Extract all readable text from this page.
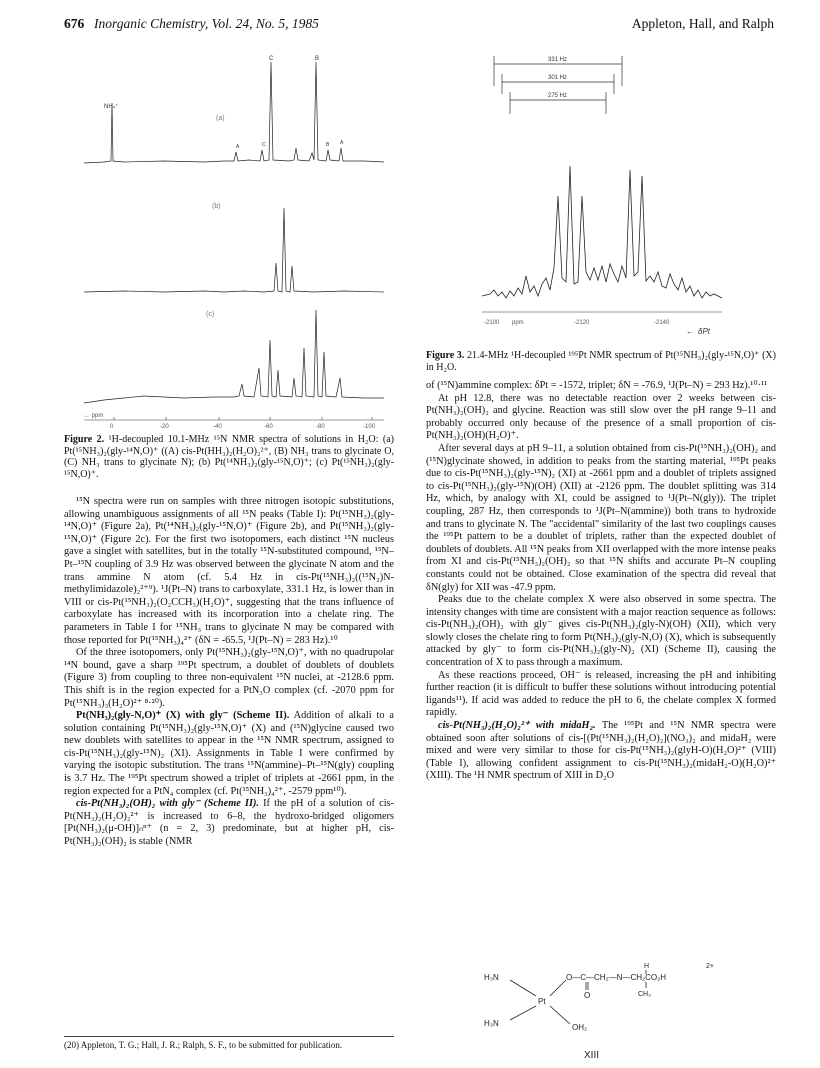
676 Inorganic Chemistry, Vol. 24, No. 5, 1985	Appleton, Hall, and Ralph
(a)
NH₄⁺
C	B
A	C	B A
(b)
(c)
← ppm
0	-20	-40	-60	-80	-100
Figure 2. ¹H-decoupled 10.1-MHz ¹⁵N NMR spectra of solutions in H₂O: (a) Pt(¹⁵NH₃)₂(gly-¹⁴N,O)⁺ ((A) cis-Pt(HH₃)₂(H₂O)₂²⁺, (B) NH₃ trans to glycinate O, (C) NH₃ trans to glycinate N); (b) Pt(¹⁴NH₃)₂(gly-¹⁵N,O)⁺; (c) Pt(¹⁵NH₃)₂(gly-¹⁵N,O)⁺.

¹⁵N spectra were run on samples with three nitrogen isotopic substitutions, allowing unambiguous assignments of all ¹⁵N peaks (Table I): Pt(¹⁵NH₃)₂(gly-¹⁴N,O)⁺ (Figure 2a), Pt(¹⁴NH₃)₂(gly-¹⁵N,O)⁺ (Figure 2b), and Pt(¹⁵NH₃)₂(gly-¹⁵N,O)⁺ (Figure 2c). For the first two isotopomers, each distinct ¹⁵N nucleus gave a singlet with satellites, but in the totally ¹⁵N-substituted compound, ¹⁵N–Pt–¹⁵N coupling of 3.9 Hz was observed between the glycinate N atom and the trans ammine N atom (cf. 5.4 Hz in cis-Pt(¹⁵NH₃)₂((¹⁵N₂)N-methylimidazole)₂²⁺⁹). ¹J(Pt–N) trans to carboxylate, 331.1 Hz, is lower than in VIII or cis-Pt(¹⁵NH₃)₂(O₂CCH₃)(H₂O)⁺, suggesting that the trans influence of carboxylate has increased with its incorporation into a chelate ring. The parameters in Table I for ¹⁵NH₃ trans to glycinate N may be compared with those reported for Pt(¹⁵NH₃)₄²⁺ (δN = -65.5, ¹J(Pt–N) = 283 Hz).¹⁰

Of the three isotopomers, only Pt(¹⁵NH₃)₂(gly-¹⁵N,O)⁺, with no quadrupolar ¹⁴N bound, gave a sharp ¹⁹⁵Pt spectrum, a doublet of doublets of doublets (Figure 3) from coupling to three non-equivalent ¹⁵N nuclei, at -2128.6 ppm. This shift is in the region expected for a PtN₃O complex (cf. -2070 ppm for Pt(¹⁵NH₃)₃(H₂O)²⁺ ⁸·²⁰).

Pt(NH₃)₂(gly-N,O)⁺ (X) with gly⁻ (Scheme II). Addition of alkali to a solution containing Pt(¹⁵NH₃)₂(gly-¹⁵N,O)⁺ (X) and (¹⁵N)glycine caused two new doublets with satellites to appear in the ¹⁵N NMR spectrum, assigned to cis-Pt(¹⁵NH₃)₂(gly-¹⁵N)₂ (XI). Assignments in Table I were confirmed by varying the isotopic substitution. The trans ¹⁵N(ammine)–Pt–¹⁵N(gly) coupling is 3.7 Hz. The ¹⁹⁵Pt spectrum showed a triplet of triplets at -2661 ppm, in the region expected for a PtN₄ complex (cf. Pt(¹⁵NH₃)₄²⁺, -2579 ppm¹⁰).

cis-Pt(NH₃)₂(OH)₂ with gly⁻ (Scheme II). If the pH of a solution of cis-Pt(NH₃)₂(H₂O)₂²⁺ is increased to 6–8, the hydroxo-bridged oligomers [Pt(NH₃)₂(μ-OH)]ₙⁿ⁺ (n = 2, 3) predominate, but at higher pH, cis-Pt(NH₃)₂(OH)₂ is stable (NMR

(20) Appleton, T. G.; Hall, J. R.; Ralph, S. F., to be submitted for publication.
331 Hz
301 Hz
275 Hz
-2100 ppm	-2120	-2140
← δPt
Figure 3. 21.4-MHz ¹H-decoupled ¹⁹⁵Pt NMR spectrum of Pt(¹⁵NH₃)₂(gly-¹⁵N,O)⁺ (X) in H₂O.

of (¹⁵N)ammine complex: δPt = -1572, triplet; δN = -76.9, ¹J(Pt–N) = 293 Hz).¹⁰·¹¹

At pH 12.8, there was no detectable reaction over 2 weeks between cis-Pt(NH₃)₂(OH)₂ and glycine. Reaction was still slow over the pH range 9–11 and probably occurred only because of the presence of a small proportion of cis-Pt(NH₃)₂(OH)(H₂O)⁺.

After several days at pH 9–11, a solution obtained from cis-Pt(¹⁵NH₃)₂(OH)₂ and (¹⁵N)glycinate showed, in addition to peaks from the starting material, ¹⁹⁵Pt peaks due to cis-Pt(¹⁵NH₃)₂(gly-¹⁵N)₂ (XI) at -2661 ppm and a doublet of triplets assigned to cis-Pt(¹⁵NH₃)₂(gly-¹⁵N)(OH) (XII) at -2126 ppm. The doublet splitting was 314 Hz, which, by analogy with XI, could be assigned to ¹J(Pt–N(gly)). The triplet coupling, 287 Hz, then corresponds to ¹J(Pt–N(ammine)) both trans to hydroxide and trans to glycinate N. The "accidental" similarity of the last two couplings causes the ¹⁹⁵Pt pattern to be a doublet of triplets, rather than the expected doublet of doublets of doublets. All ¹⁵N peaks from XII overlapped with the more intense peaks from XI and cis-Pt(¹⁵NH₃)₂(OH)₂ so that ¹⁵N shifts and accurate Pt–N coupling constants could not be obtained. Close examination of the spectra did reveal that δN(gly) for XII was -47.9 ppm.

Peaks due to the chelate complex X were also observed in some spectra. The intensity changes with time are consistent with a major reaction sequence as follows: cis-Pt(NH₃)₂(OH)₂ with gly⁻ gives cis-Pt(NH₃)₂(gly-N)(OH) (XII), which very slowly closes the chelate ring to form Pt(NH₃)₂(gly-N,O) (X), which is subsequently attacked by gly⁻ to form cis-Pt(NH₃)₂(gly-N)₂ (XI) (Scheme II), causing the concentration of X to pass through a maximum.

As these reactions proceed, OH⁻ is released, increasing the pH and inhibiting further reaction (it is difficult to buffer these solutions without introducing potential ligands¹¹). If acid was added to reduce the pH to 6, the chelate complex X formed rapidly.

cis-Pt(NH₃)₂(H₂O)₂²⁺ with midaH₂. The ¹⁹⁵Pt and ¹⁵N NMR spectra were obtained soon after solutions of cis-[(Pt(¹⁵NH₃)₂(H₂O)₂](NO₃)₂ and midaH₂ were mixed and were very similar to those for cis-Pt(¹⁵NH₃)₂(glyH-O)(H₂O)²⁺ (VIII) (Table I), allowing confident assignment to cis-Pt(¹⁵NH₃)₂(midaH₂-O)(H₂O)²⁺ (XIII). The ¹H NMR spectrum of XIII in D₂O

H₃N
H₃N
Pt
OH₂
O—C—CH₂—N—CH₂CO₂H
O
H
CH₃
2+
XIII
